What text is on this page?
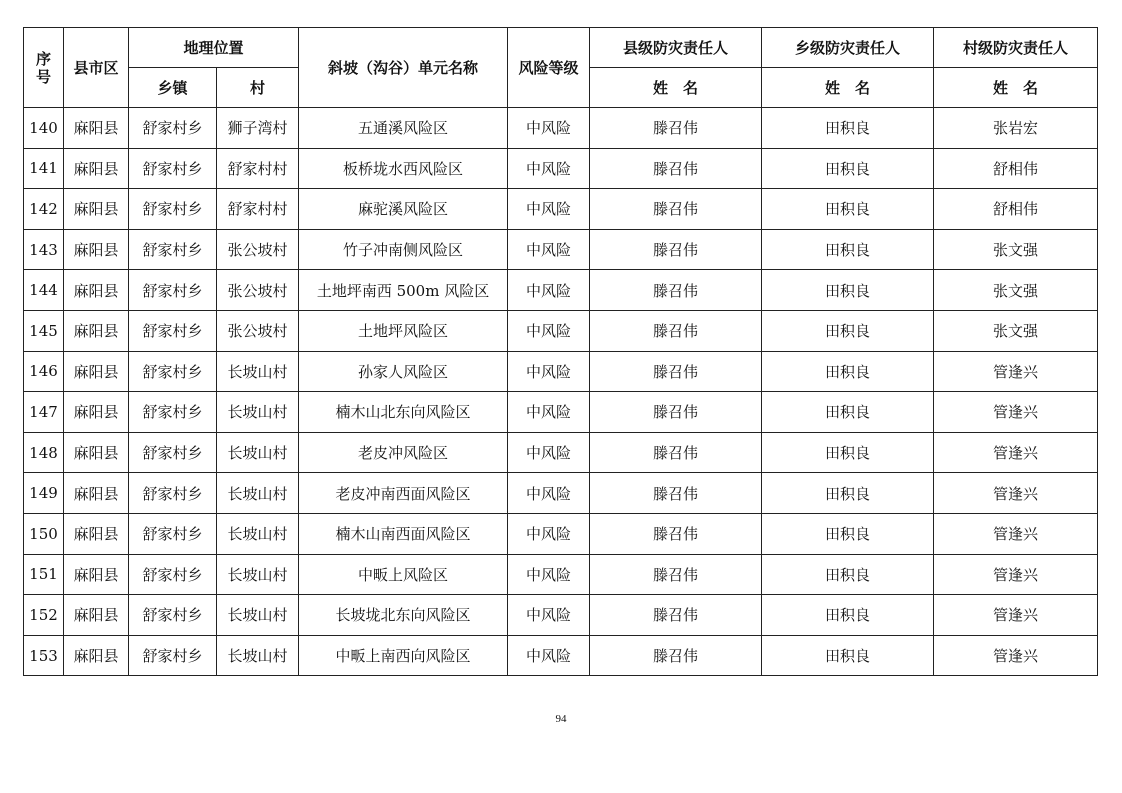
序
号	县市区	地理位置		斜坡（沟谷）单元名称	风险等级	县级防灾责任人	乡级防灾责任人	村级防灾责任人
		乡镇	村			姓　名	姓　名	姓　名
140	麻阳县	舒家村乡	狮子湾村	五通溪风险区	中风险	滕召伟	田积良	张岩宏
141	麻阳县	舒家村乡	舒家村村	板桥垅水西风险区	中风险	滕召伟	田积良	舒相伟
142	麻阳县	舒家村乡	舒家村村	麻驼溪风险区	中风险	滕召伟	田积良	舒相伟
143	麻阳县	舒家村乡	张公坡村	竹子冲南侧风险区	中风险	滕召伟	田积良	张文强
144	麻阳县	舒家村乡	张公坡村	土地坪南西 500m 风险区	中风险	滕召伟	田积良	张文强
145	麻阳县	舒家村乡	张公坡村	土地坪风险区	中风险	滕召伟	田积良	张文强
146	麻阳县	舒家村乡	长坡山村	孙家人风险区	中风险	滕召伟	田积良	管逢兴
147	麻阳县	舒家村乡	长坡山村	楠木山北东向风险区	中风险	滕召伟	田积良	管逢兴
148	麻阳县	舒家村乡	长坡山村	老皮冲风险区	中风险	滕召伟	田积良	管逢兴
149	麻阳县	舒家村乡	长坡山村	老皮冲南西面风险区	中风险	滕召伟	田积良	管逢兴
150	麻阳县	舒家村乡	长坡山村	楠木山南西面风险区	中风险	滕召伟	田积良	管逢兴
151	麻阳县	舒家村乡	长坡山村	中畈上风险区	中风险	滕召伟	田积良	管逢兴
152	麻阳县	舒家村乡	长坡山村	长坡垅北东向风险区	中风险	滕召伟	田积良	管逢兴
153	麻阳县	舒家村乡	长坡山村	中畈上南西向风险区	中风险	滕召伟	田积良	管逢兴
94
